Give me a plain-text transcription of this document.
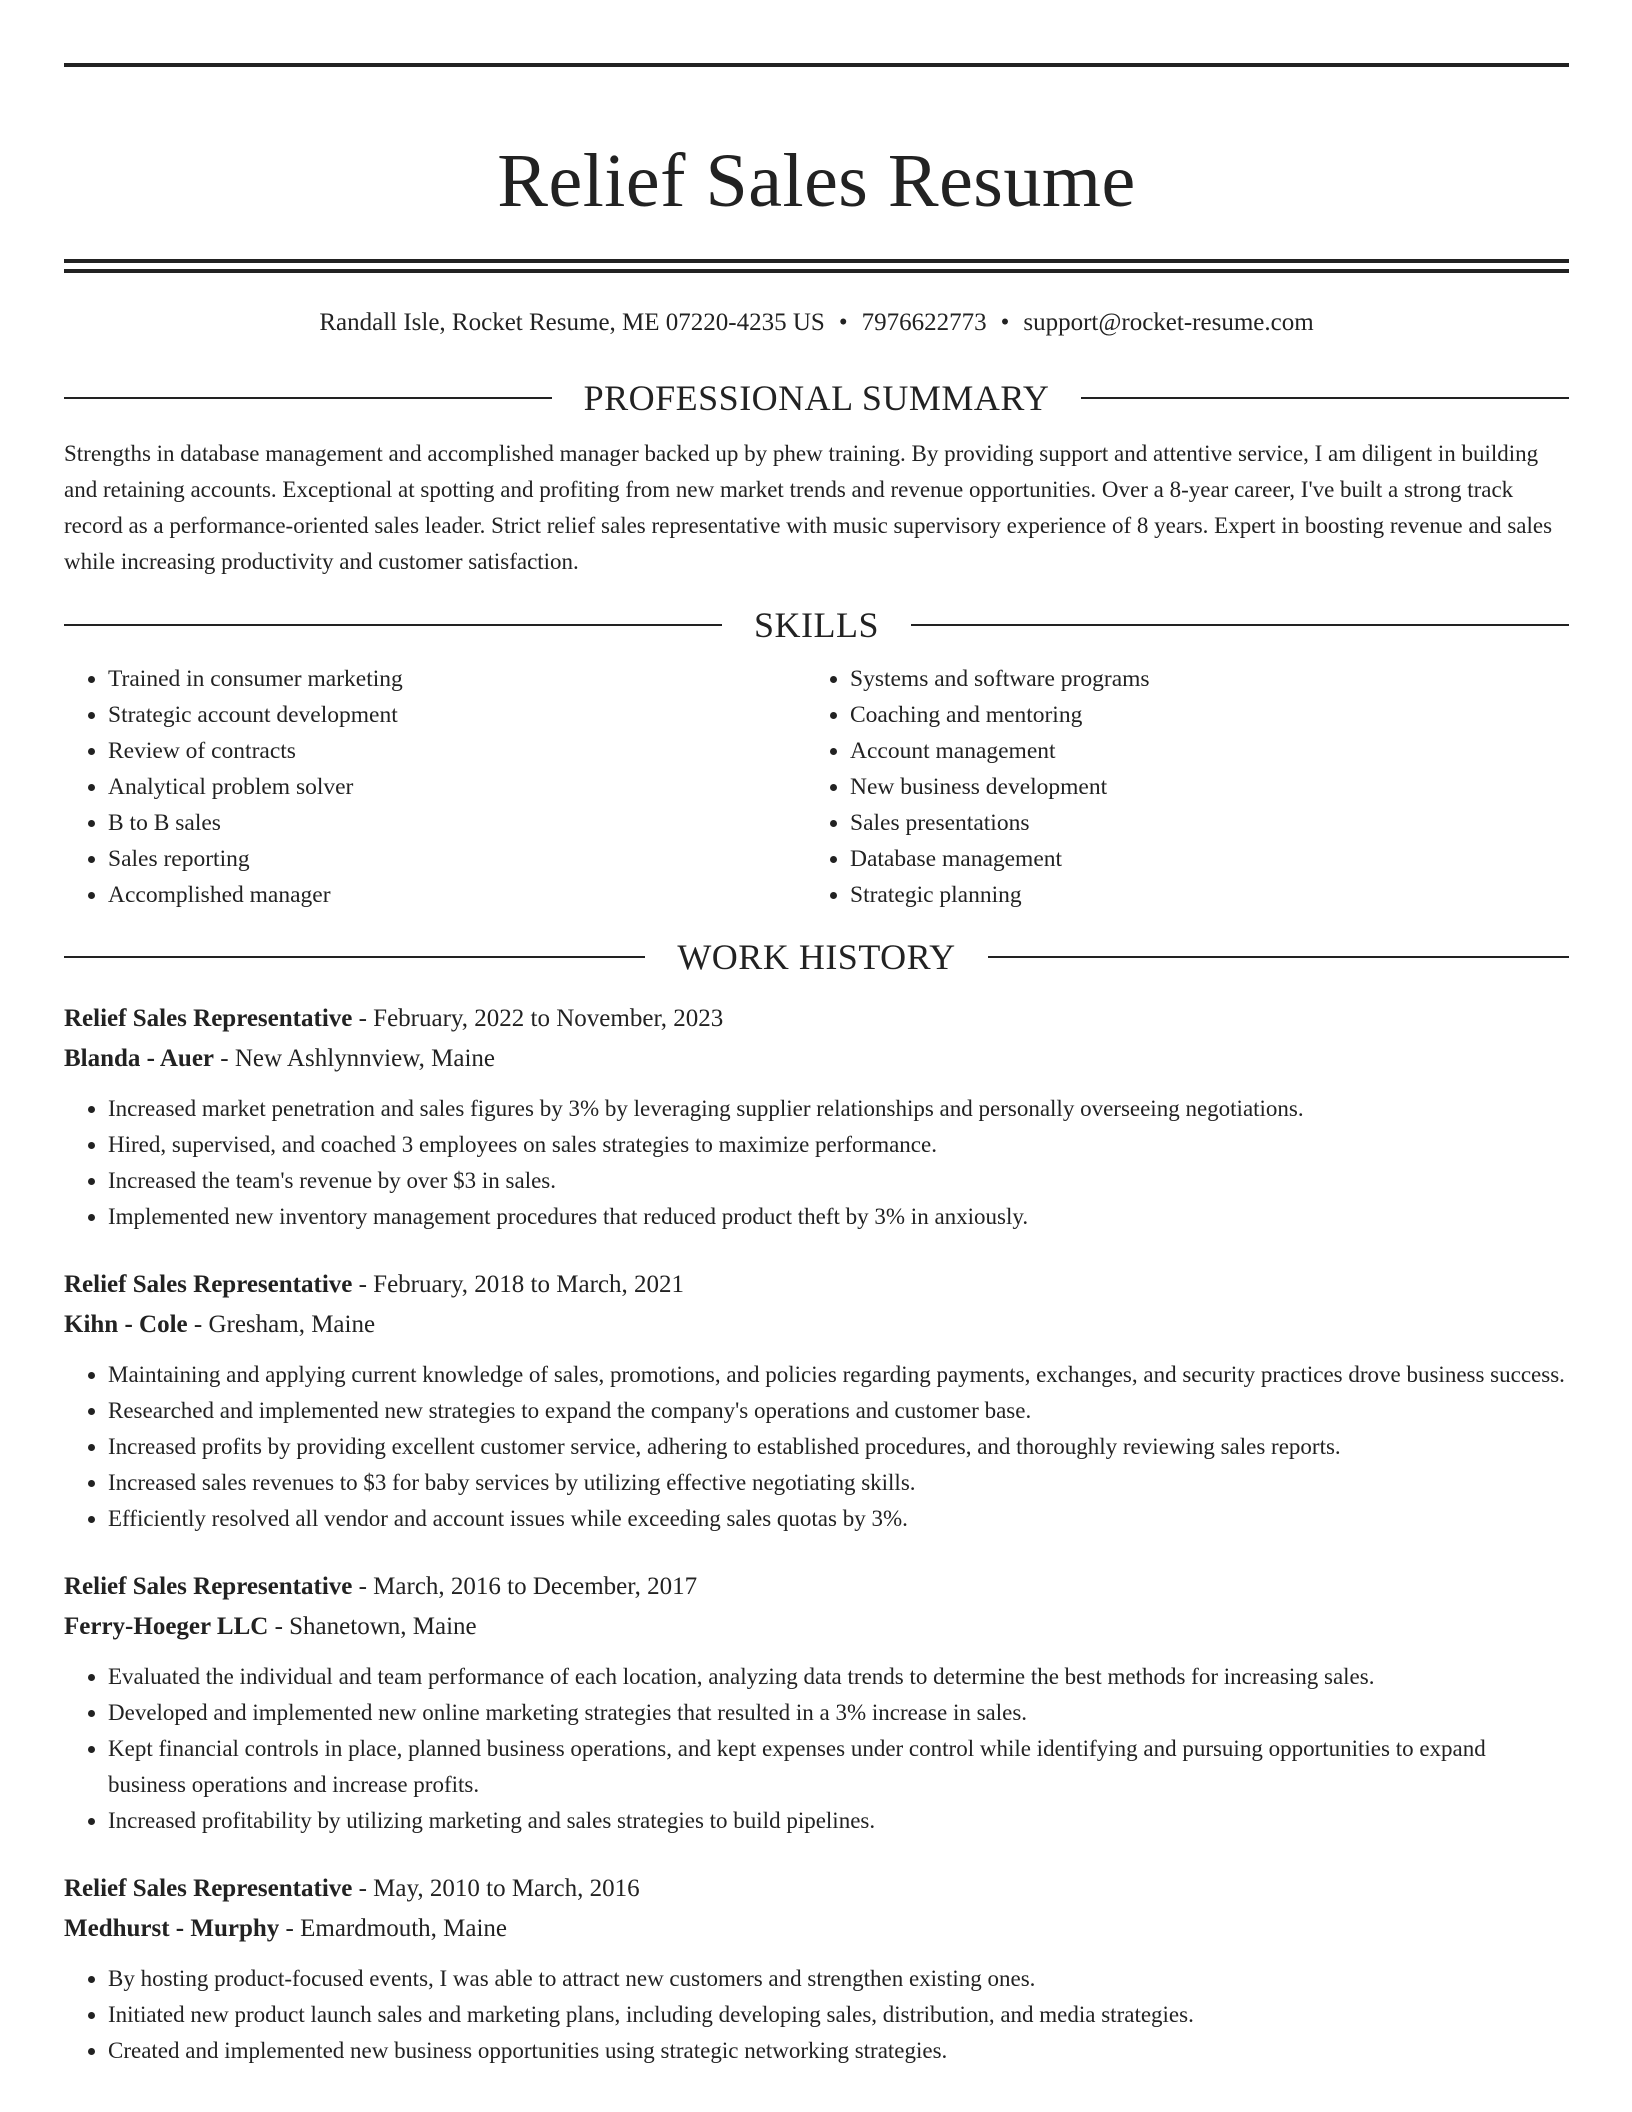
Relief Sales Resume
Randall Isle, Rocket Resume, ME 07220-4235 US • 7976622773 • support@rocket-resume.com
PROFESSIONAL SUMMARY

Strengths in database management and accomplished manager backed up by phew training. By providing support and attentive service, I am diligent in building and retaining accounts. Exceptional at spotting and profiting from new market trends and revenue opportunities. Over a 8-year career, I've built a strong track record as a performance-oriented sales leader. Strict relief sales representative with music supervisory experience of 8 years. Expert in boosting revenue and sales while increasing productivity and customer satisfaction.

SKILLS
• Trained in consumer marketing
• Strategic account development
• Review of contracts
• Analytical problem solver
• B to B sales
• Sales reporting
• Accomplished manager
• Systems and software programs
• Coaching and mentoring
• Account management
• New business development
• Sales presentations
• Database management
• Strategic planning
WORK HISTORY
Relief Sales Representative - February, 2022 to November, 2023
Blanda - Auer - New Ashlynnview, Maine
• Increased market penetration and sales figures by 3% by leveraging supplier relationships and personally overseeing negotiations.
• Hired, supervised, and coached 3 employees on sales strategies to maximize performance.
• Increased the team's revenue by over $3 in sales.
• Implemented new inventory management procedures that reduced product theft by 3% in anxiously.
Relief Sales Representative - February, 2018 to March, 2021
Kihn - Cole - Gresham, Maine
• Maintaining and applying current knowledge of sales, promotions, and policies regarding payments, exchanges, and security practices drove business success.
• Researched and implemented new strategies to expand the company's operations and customer base.
• Increased profits by providing excellent customer service, adhering to established procedures, and thoroughly reviewing sales reports.
• Increased sales revenues to $3 for baby services by utilizing effective negotiating skills.
• Efficiently resolved all vendor and account issues while exceeding sales quotas by 3%.
Relief Sales Representative - March, 2016 to December, 2017
Ferry-Hoeger LLC - Shanetown, Maine
• Evaluated the individual and team performance of each location, analyzing data trends to determine the best methods for increasing sales.
• Developed and implemented new online marketing strategies that resulted in a 3% increase in sales.
• Kept financial controls in place, planned business operations, and kept expenses under control while identifying and pursuing opportunities to expand business operations and increase profits.
• Increased profitability by utilizing marketing and sales strategies to build pipelines.
Relief Sales Representative - May, 2010 to March, 2016
Medhurst - Murphy - Emardmouth, Maine
• By hosting product-focused events, I was able to attract new customers and strengthen existing ones.
• Initiated new product launch sales and marketing plans, including developing sales, distribution, and media strategies.
• Created and implemented new business opportunities using strategic networking strategies.
